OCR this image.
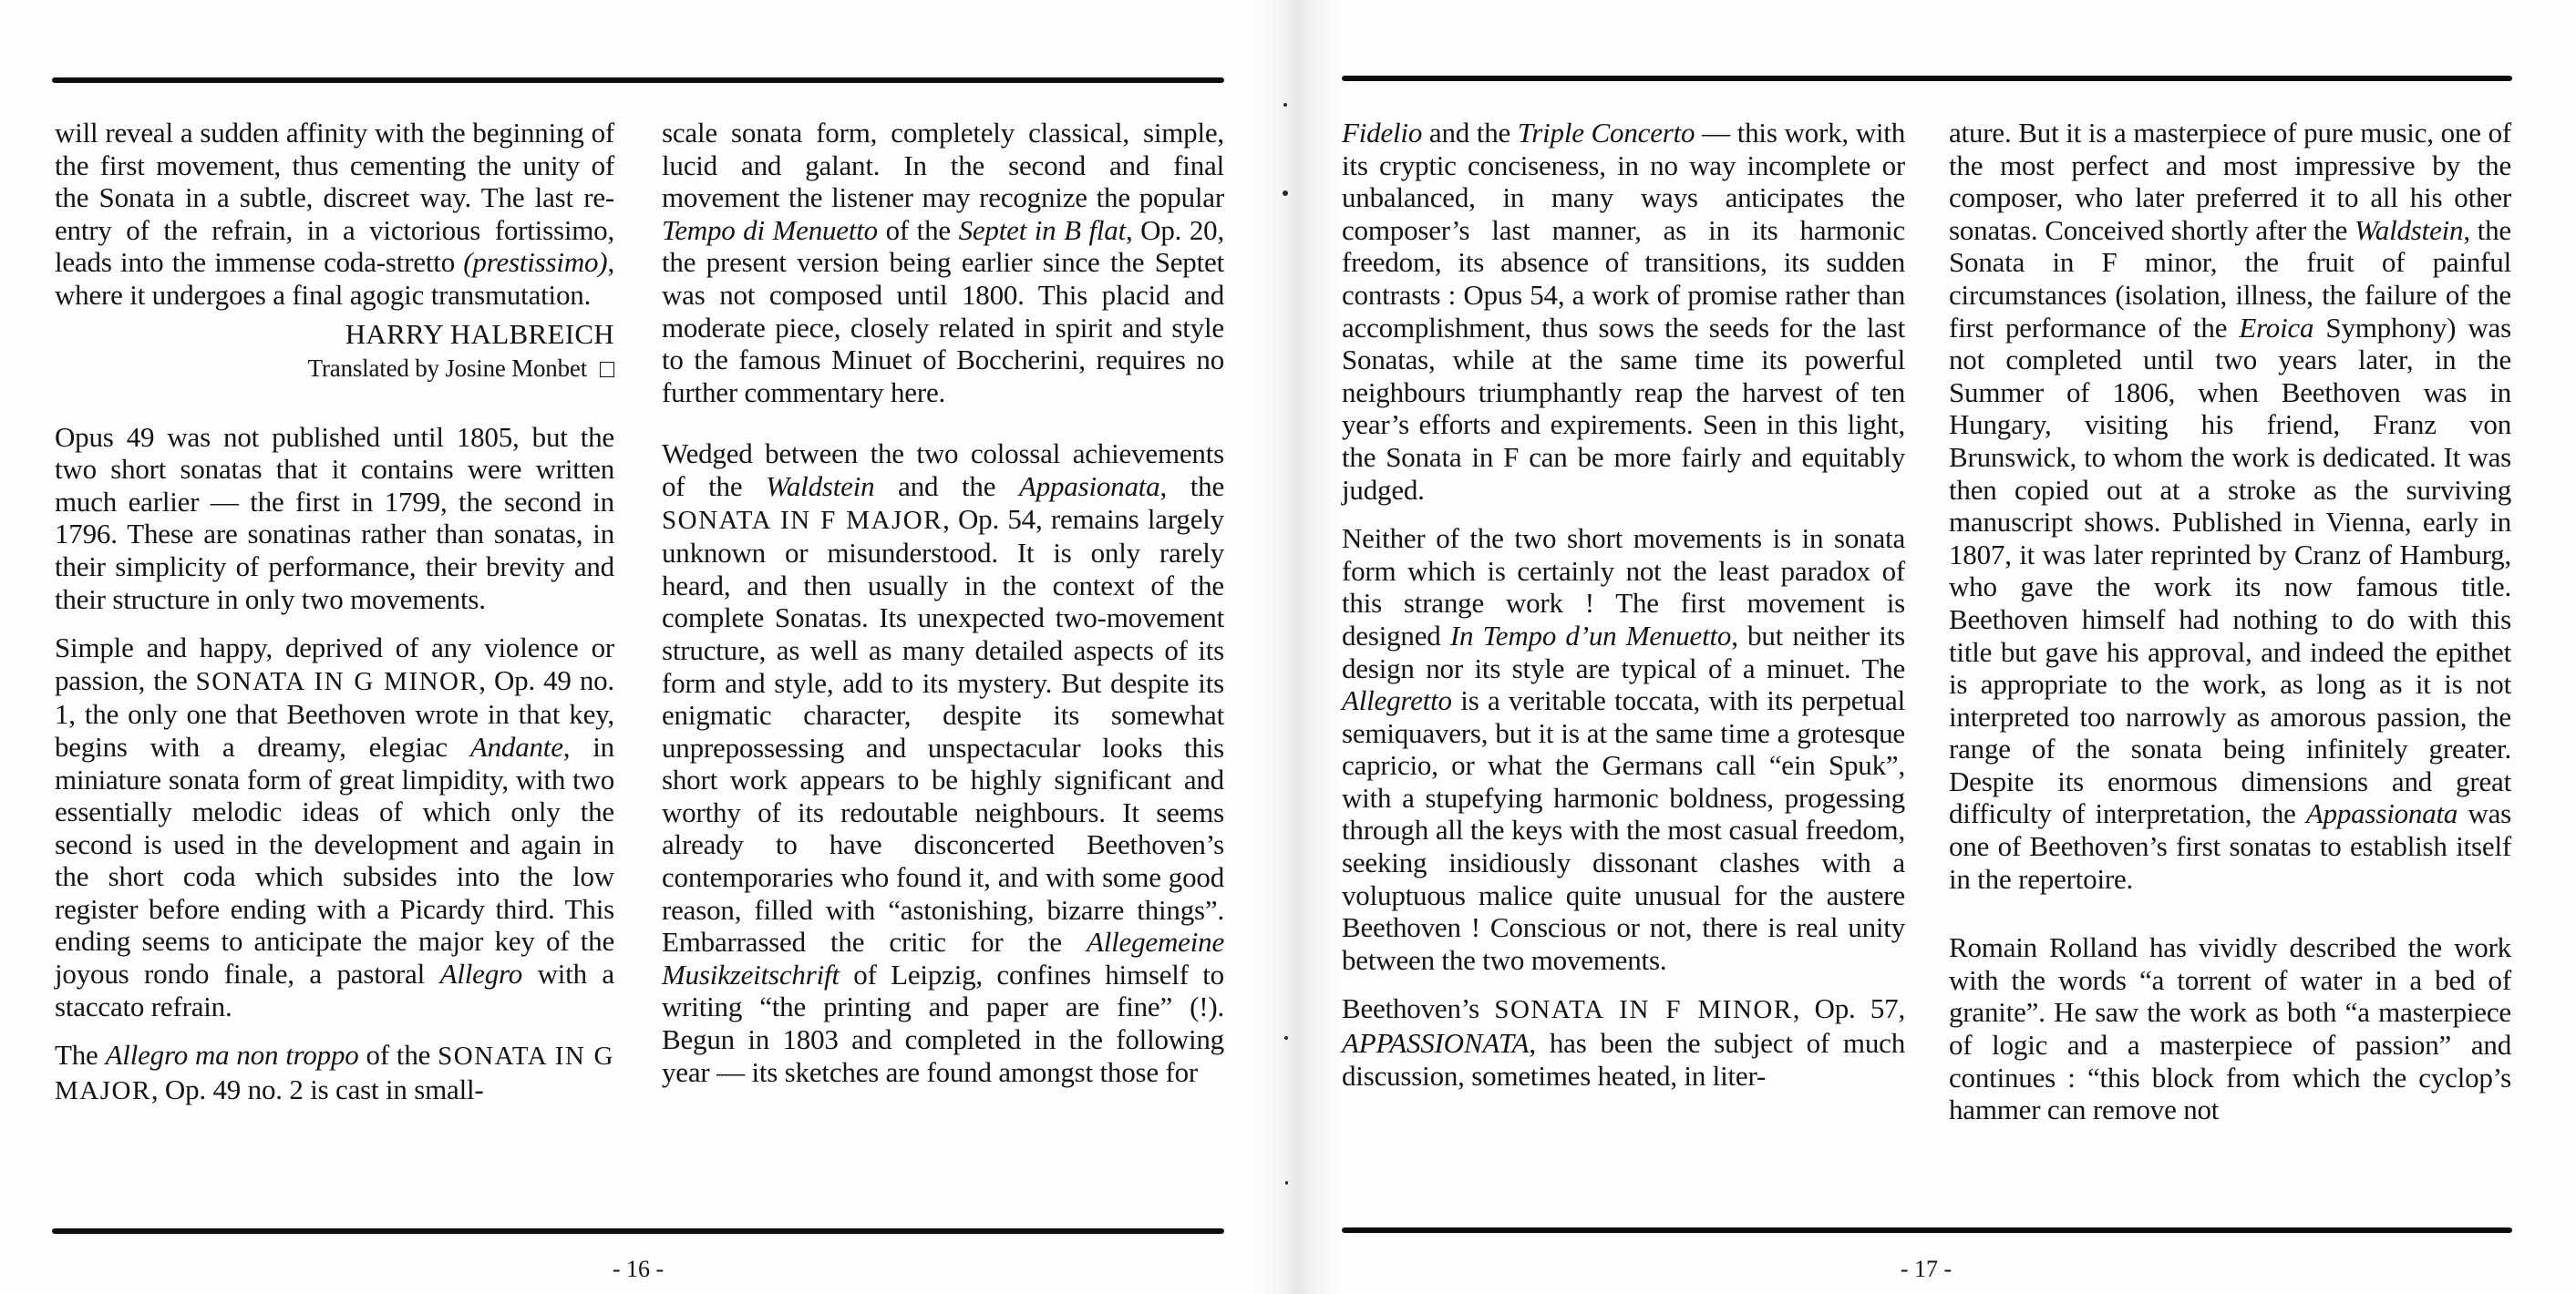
will reveal a sudden affinity with the beginning of the first movement, thus cementing the unity of the Sonata in a subtle, discreet way. The last re-entry of the refrain, in a victorious fortissimo, leads into the immense coda-stretto (prestissimo), where it undergoes a final agogic transmutation.

HARRY HALBREICH
Translated by Josine Monbet

Opus 49 was not published until 1805, but the two short sonatas that it contains were written much earlier — the first in 1799, the second in 1796. These are sonatinas rather than sonatas, in their simplicity of performance, their brevity and their structure in only two movements.

Simple and happy, deprived of any violence or passion, the SONATA IN G MINOR, Op. 49 no. 1, the only one that Beethoven wrote in that key, begins with a dreamy, elegiac Andante, in miniature sonata form of great limpidity, with two essentially melodic ideas of which only the second is used in the development and again in the short coda which subsides into the low register before ending with a Picardy third. This ending seems to anticipate the major key of the joyous rondo finale, a pastoral Allegro with a staccato refrain.

The Allegro ma non troppo of the SONATA IN G MAJOR, Op. 49 no. 2 is cast in small-

scale sonata form, completely classical, simple, lucid and galant. In the second and final movement the listener may recognize the popular Tempo di Menuetto of the Septet in B flat, Op. 20, the present version being earlier since the Septet was not composed until 1800. This placid and moderate piece, closely related in spirit and style to the famous Minuet of Boccherini, requires no further commentary here.

Wedged between the two colossal achievements of the Waldstein and the Appasionata, the SONATA IN F MAJOR, Op. 54, remains largely unknown or misunderstood. It is only rarely heard, and then usually in the context of the complete Sonatas. Its unexpected two-movement structure, as well as many detailed aspects of its form and style, add to its mystery. But despite its enigmatic character, despite its somewhat unprepossessing and unspectacular looks this short work appears to be highly significant and worthy of its redoutable neighbours. It seems already to have disconcerted Beethoven’s contemporaries who found it, and with some good reason, filled with “astonishing, bizarre things”. Embarrassed the critic for the Allegemeine Musikzeitschrift of Leipzig, confines himself to writing “the printing and paper are fine” (!). Begun in 1803 and completed in the following year — its sketches are found amongst those for

- 16 -

Fidelio and the Triple Concerto — this work, with its cryptic conciseness, in no way incomplete or unbalanced, in many ways anticipates the composer’s last manner, as in its harmonic freedom, its absence of transitions, its sudden contrasts : Opus 54, a work of promise rather than accomplishment, thus sows the seeds for the last Sonatas, while at the same time its powerful neighbours triumphantly reap the harvest of ten year’s efforts and expirements. Seen in this light, the Sonata in F can be more fairly and equitably judged.

Neither of the two short movements is in sonata form which is certainly not the least paradox of this strange work ! The first movement is designed In Tempo d’un Menuetto, but neither its design nor its style are typical of a minuet. The Allegretto is a veritable toccata, with its perpetual semiquavers, but it is at the same time a grotesque capricio, or what the Germans call “ein Spuk”, with a stupefying harmonic boldness, progessing through all the keys with the most casual freedom, seeking insidiously dissonant clashes with a voluptuous malice quite unusual for the austere Beethoven ! Conscious or not, there is real unity between the two movements.

Beethoven’s SONATA IN F MINOR, Op. 57, APPASSIONATA, has been the subject of much discussion, sometimes heated, in liter-

ature. But it is a masterpiece of pure music, one of the most perfect and most impressive by the composer, who later preferred it to all his other sonatas. Conceived shortly after the Waldstein, the Sonata in F minor, the fruit of painful circumstances (isolation, illness, the failure of the first performance of the Eroica Symphony) was not completed until two years later, in the Summer of 1806, when Beethoven was in Hungary, visiting his friend, Franz von Brunswick, to whom the work is dedicated. It was then copied out at a stroke as the surviving manuscript shows. Published in Vienna, early in 1807, it was later reprinted by Cranz of Hamburg, who gave the work its now famous title. Beethoven himself had nothing to do with this title but gave his approval, and indeed the epithet is appropriate to the work, as long as it is not interpreted too narrowly as amorous passion, the range of the sonata being infinitely greater. Despite its enormous dimensions and great difficulty of interpretation, the Appassionata was one of Beethoven’s first sonatas to establish itself in the repertoire.

Romain Rolland has vividly described the work with the words “a torrent of water in a bed of granite”. He saw the work as both “a masterpiece of logic and a masterpiece of passion” and continues : “this block from which the cyclop’s hammer can remove not

- 17 -
